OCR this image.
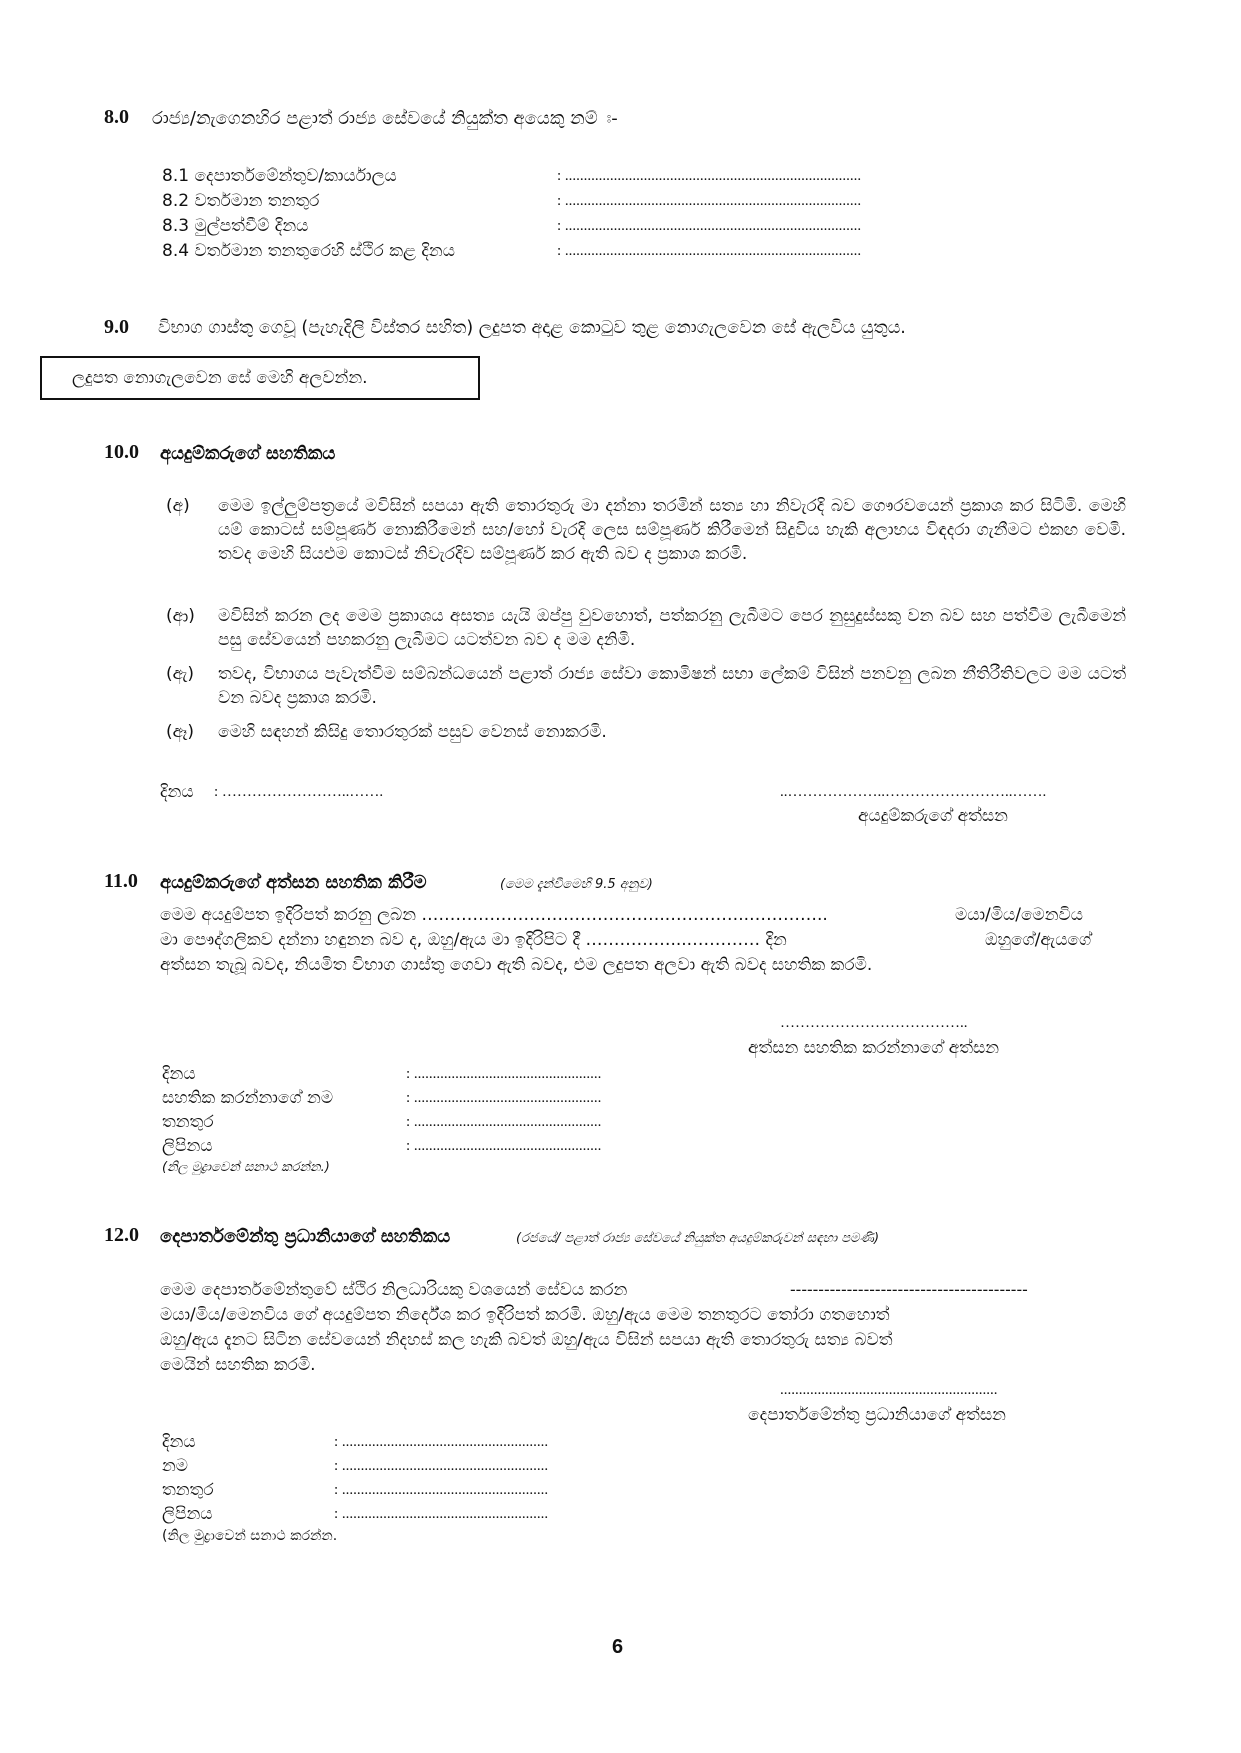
8.0 රාජ්‍ය/නැගෙනහිර පළාත් රාජ්‍ය සේවයේ නියුක්ත අයෙකු නම් ඃ-
8.1 දෙපාර්තමේන්තුව/කාර්යාලය	: ...............................................................................
8.2 වර්තමාන තනතුර	: ...............................................................................
8.3 මුල්පත්වීම් දිනය	: ...............................................................................
8.4 වර්තමාන තනතුරෙහි ස්ථිර කළ දිනය	: ...............................................................................
9.0 විභාග ගාස්තු ගෙවූ (පැහැදිලි විස්තර සහිත) ලදුපත අදාළ කොටුව තුළ නොගැලවෙන සේ ඇලවිය යුතුය.
ලදුපත නොගැලවෙන සේ මෙහි අලවන්න.
10.0 අයදුම්කරුගේ සහතිකය
(අ) මෙම ඉල්ලුම්පත්‍රයේ මවිසින් සපයා ඇති තොරතුරු මා දන්නා තරමින් සත්‍ය හා නිවැරදි බව ගෞරවයෙන් ප්‍රකාශ කර සිටිමි. මෙහි යම් කොටස් සම්පූර්ණ නොකිරීමෙන් සහ/හෝ වැරදි ලෙස සම්පූර්ණ කිරීමෙන් සිදුවිය හැකි අලාභය විඳදරා ගැනීමට එකඟ වෙමි. තවද මෙහි සියළුම කොටස් නිවැරදිව සම්පූර්ණ කර ඇති බව ද ප්‍රකාශ කරමි.
(ආ) මවිසින් කරන ලද මෙම ප්‍රකාශය අසත්‍ය යැයි ඔප්පු වුවහොත්, පත්කරනු ලැබීමට පෙර නුසුදුස්සකු වන බව සහ පත්වීම ලැබීමෙන් පසු සේවයෙන් පහකරනු ලැබීමට යටත්වන බව ද මම දනිමි.
(ඇ) තවද, විභාගය පැවැත්වීම සම්බන්ධයෙන් පළාත් රාජ්‍ය සේවා කොමිෂන් සභා ලේකම් විසින් පනවනු ලබන නීතිරීතිවලට මම යටත් වන බවද ප්‍රකාශ කරමි.
(ඈ) මෙහි සඳහන් කිසිදු තොරතුරක් පසුව වෙනස් නොකරමි.
දිනය : ……………………..…….	..………………..……………………..…….
අයදුම්කරුගේ අත්සන
11.0 අයදුම්කරුගේ අත්සන සහතික කිරීම	(මෙම දැන්වීමෙහි 9.5 අනුව)
මෙම අයදුම්පත ඉදිරිපත් කරනු ලබන ……………………………………..…………..…………..	මයා/මිය/මෙනවිය
මා පෞද්ගලිකව දන්නා හඳුනන බව ද, ඔහු/ඇය මා ඉදිරිපිට දී ……………....………… දින	ඔහුගේ/ඇයගේ
අත්සන තැබූ බවද, නියමිත විභාග ගාස්තු ගෙවා ඇති බවද, එම ලදුපත අලවා ඇති බවද සහතික කරමි.
………………………………..
අත්සන සහතික කරන්නාගේ අත්සන
දිනය	: ..................................................
සහතික කරන්නාගේ නම	: ..................................................
තනතුර	: ..................................................
ලිපිනය	: ..................................................
(නිල මුද්‍රාවෙන් සනාථ කරන්න.)
12.0 දෙපාර්තමේන්තු ප්‍රධානියාගේ සහතිකය	(රජයේ/ පළාත් රාජ්‍ය සේවයේ නියුක්ත අයදුම්කරුවන් සඳහා පමණි)
මෙම දෙපාර්තමේන්තුවේ ස්ථිර නිලධාරියකු වශයෙන් සේවය කරන	------------------------------------------
මයා/මිය/මෙනවිය ගේ අයදුම්පත නිර්දේශ කර ඉදිරිපත් කරමි. ඔහු/ඇය මෙම තනතුරට තෝරා ගතහොත්
ඔහු/ඇය දැනට සිටින සේවයෙන් නිදහස් කල හැකි බවත් ඔහු/ඇය විසින් සපයා ඇති තොරතුරු සත්‍ය බවත්
මෙයින් සහතික කරමි.
..........................................................
දෙපාර්තමේන්තු ප්‍රධානියාගේ අත්සන
දිනය	: .......................................................
නම	: .......................................................
තනතුර	: .......................................................
ලිපිනය	: .......................................................
(නිල මුද්‍රාවෙන් සනාථ කරන්න.
6
